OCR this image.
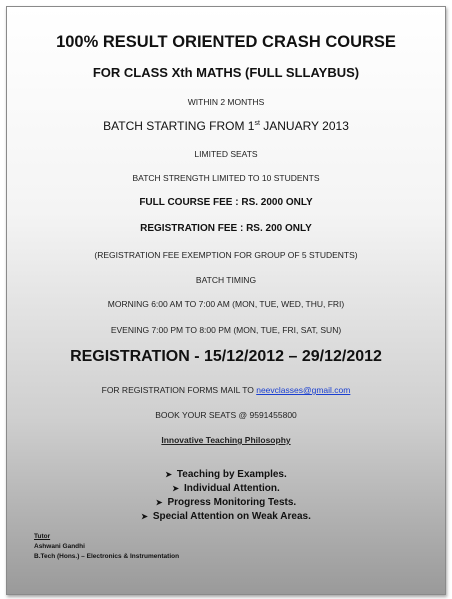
100% RESULT ORIENTED CRASH COURSE
FOR CLASS Xth MATHS (FULL SLLAYBUS)
WITHIN 2 MONTHS
BATCH STARTING FROM 1st JANUARY 2013
LIMITED SEATS
BATCH STRENGTH LIMITED TO 10 STUDENTS
FULL COURSE FEE : RS. 2000 ONLY
REGISTRATION FEE : RS. 200 ONLY
(REGISTRATION FEE EXEMPTION FOR GROUP OF 5 STUDENTS)
BATCH TIMING
MORNING 6:00 AM TO 7:00 AM (MON, TUE, WED, THU, FRI)
EVENING 7:00 PM TO 8:00 PM (MON, TUE, FRI, SAT, SUN)
REGISTRATION - 15/12/2012 – 29/12/2012
FOR REGISTRATION FORMS MAIL TO neevclasses@gmail.com
BOOK YOUR SEATS @ 9591455800
Innovative Teaching Philosophy
➤ Teaching by Examples.
➤ Individual Attention.
➤ Progress Monitoring Tests.
➤ Special Attention on Weak Areas.
Tutor
Ashwani Gandhi
B.Tech (Hons.) – Electronics & Instrumentation
